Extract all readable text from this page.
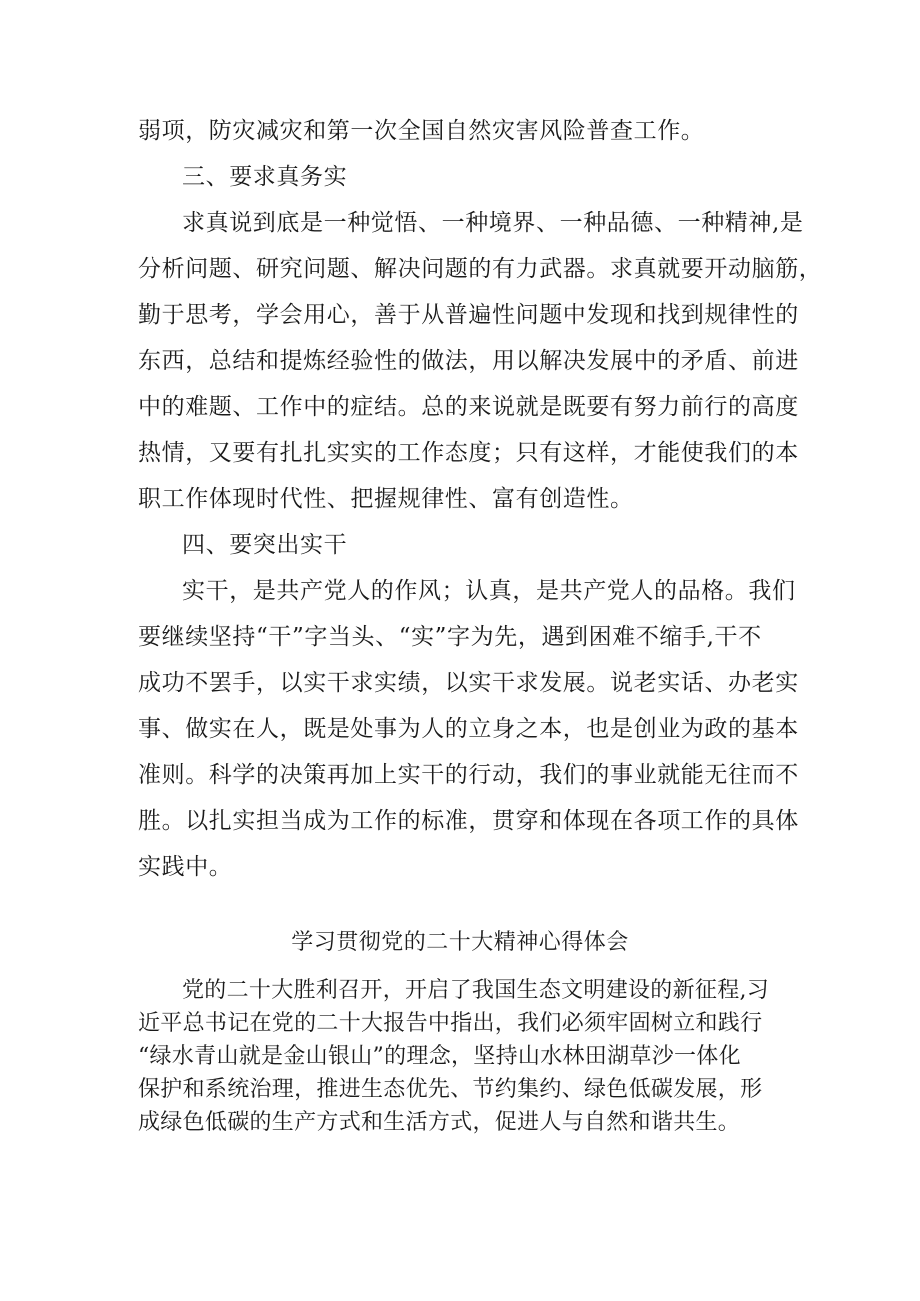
弱项，防灾减灾和第一次全国自然灾害风险普查工作。
三、要求真务实
求真说到底是一种觉悟、一种境界、一种品德、一种精神,是
分析问题、研究问题、解决问题的有力武器。求真就要开动脑筋，
勤于思考，学会用心，善于从普遍性问题中发现和找到规律性的
东西，总结和提炼经验性的做法，用以解决发展中的矛盾、前进
中的难题、工作中的症结。总的来说就是既要有努力前行的高度
热情，又要有扎扎实实的工作态度；只有这样，才能使我们的本
职工作体现时代性、把握规律性、富有创造性。
四、要突出实干
实干，是共产党人的作风；认真，是共产党人的品格。我们
要继续坚持“干”字当头、“实”字为先，遇到困难不缩手,干不
成功不罢手，以实干求实绩，以实干求发展。说老实话、办老实
事、做实在人，既是处事为人的立身之本，也是创业为政的基本
准则。科学的决策再加上实干的行动，我们的事业就能无往而不
胜。以扎实担当成为工作的标准，贯穿和体现在各项工作的具体
实践中。
学习贯彻党的二十大精神心得体会
党的二十大胜利召开，开启了我国生态文明建设的新征程,习
近平总书记在党的二十大报告中指出，我们必须牢固树立和践行
“绿水青山就是金山银山”的理念，坚持山水林田湖草沙一体化
保护和系统治理，推进生态优先、节约集约、绿色低碳发展，形
成绿色低碳的生产方式和生活方式，促进人与自然和谐共生。
